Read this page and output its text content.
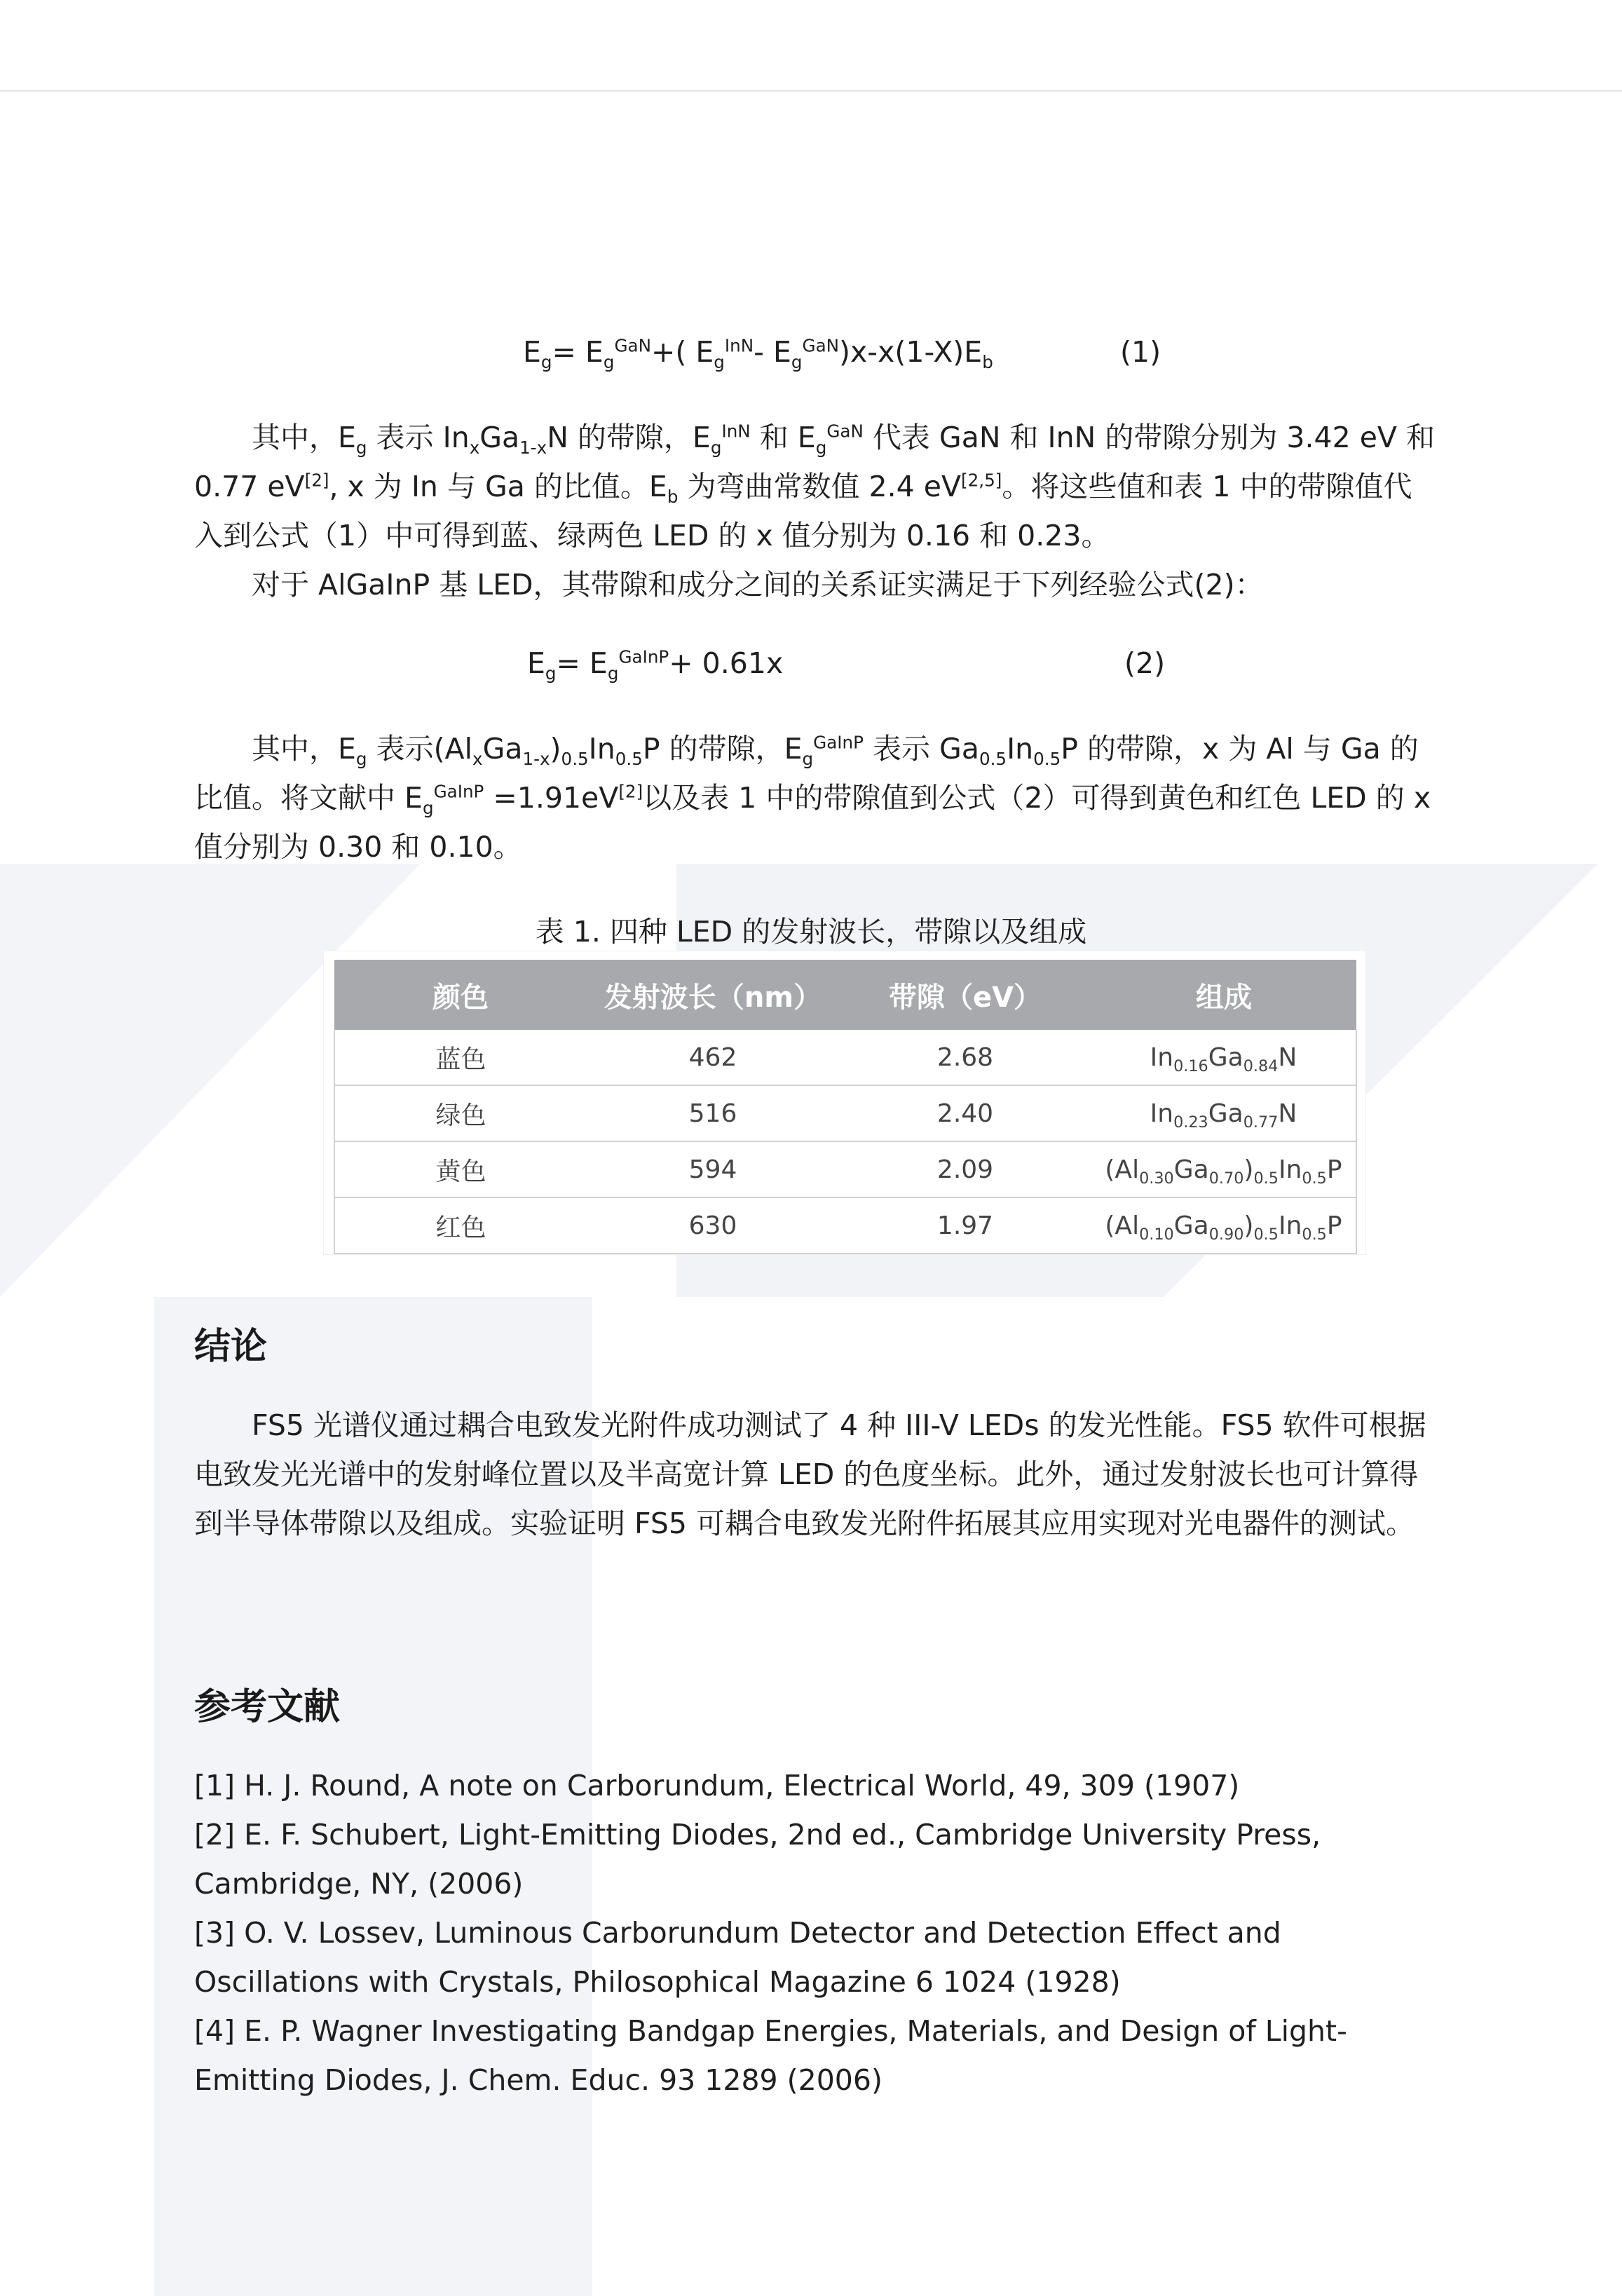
$E_g= E_g^{GaN}+$( $E_g^{InN}-$ $E_g^{GaN})x-x(1-X)E_b$	(1)

其中，$E_g$ 表示 $In_xGa_{1-x}N$ 的带隙，$E_g^{InN}$ 和 $E_g^{GaN}$ 代表 GaN 和 InN 的带隙分别为 3.42 eV 和 0.77 eV[2], x 为 In 与 Ga 的比值。$E_b$ 为弯曲常数值 2.4 eV[2,5]。将这些值和表 1 中的带隙值代入到公式（1）中可得到蓝、绿两色 LED 的 x 值分别为 0.16 和 0.23。

对于 AlGaInP 基 LED，其带隙和成分之间的关系证实满足于下列经验公式(2)：

$E_g= E_g^{GaInP}+ 0.61x$	(2)

其中，$E_g$ 表示$(Al_xGa_{1-x})_{0.5}In_{0.5}P$ 的带隙，$E_g^{GaInP}$ 表示 $Ga_{0.5}In_{0.5}P$ 的带隙，x 为 Al 与 Ga 的比值。将文献中 $E_g^{GaInP} =1.91eV[2]$以及表 1 中的带隙值到公式（2）可得到黄色和红色 LED 的 x 值分别为 0.30 和 0.10。

表 1. 四种 LED 的发射波长，带隙以及组成
颜色	发射波长（nm）	带隙（eV）	组成
蓝色	462	2.68	$In_{0.16}Ga_{0.84}N$
绿色	516	2.40	$In_{0.23}Ga_{0.77}N$
黄色	594	2.09	$(Al_{0.30}Ga_{0.70})_{0.5}In_{0.5}P$
红色	630	1.97	$(Al_{0.10}Ga_{0.90})_{0.5}In_{0.5}P$
结论

FS5 光谱仪通过耦合电致发光附件成功测试了 4 种 III-V LEDs 的发光性能。FS5 软件可根据电致发光光谱中的发射峰位置以及半高宽计算 LED 的色度坐标。此外，通过发射波长也可计算得到半导体带隙以及组成。实验证明 FS5 可耦合电致发光附件拓展其应用实现对光电器件的测试。

参考文献

[1] H. J. Round, A note on Carborundum, Electrical World, 49, 309 (1907)

[2] E. F. Schubert, Light-Emitting Diodes, 2nd ed., Cambridge University Press, Cambridge, NY, (2006)

[3] O. V. Lossev, Luminous Carborundum Detector and Detection Effect and Oscillations with Crystals, Philosophical Magazine 6 1024 (1928)

[4] E. P. Wagner Investigating Bandgap Energies, Materials, and Design of Light-Emitting Diodes, J. Chem. Educ. 93 1289 (2006)
